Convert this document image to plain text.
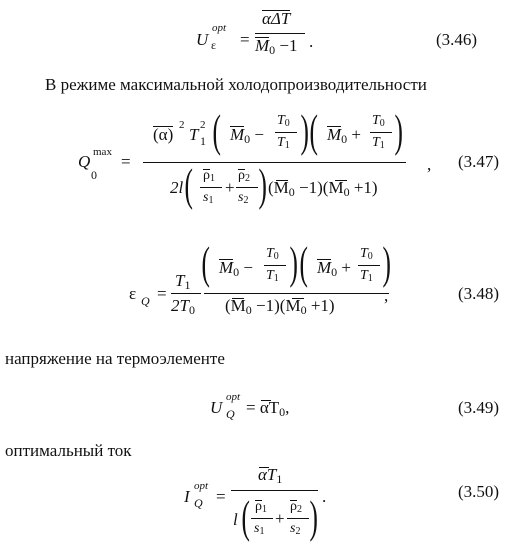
U
opt
ε =
αΔT
M0 −1 .	(3.46)
В режиме максимальной холодопроизводительности
Q
0
max =
(α) 2 T 2
1 ( M0 −
T0
T1 ) ( M0 +
T0
T1 )
2l ( ρ1
s1
+
ρ2
s2 ) (M0 −1)(M0 +1)
, (3.47)
ε Q =
T1
2T0
( M0 −
T0
T1 ) ( M0 +
T0
T1 )
(M0 −1)(M0 +1)
,	(3.48)
напряжение на термоэлементе
U
opt
Q = αT0,	(3.49)
оптимальный ток
I
opt
Q =
αT1
l ( ρ1
s1
+
ρ2
s2 ) .	(3.50)
